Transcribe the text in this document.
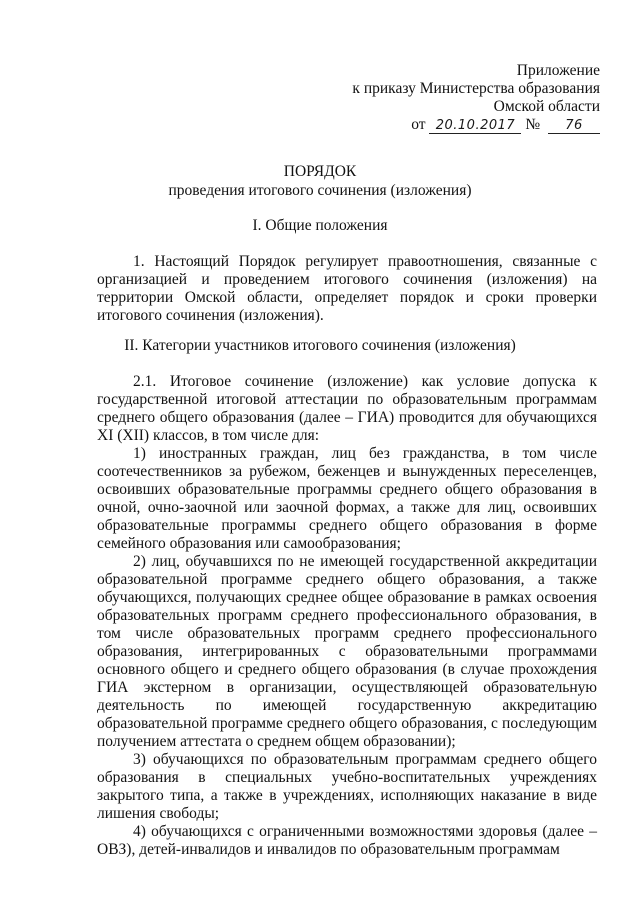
Приложение
к приказу Министерства образования
Омской области
от 20.10.2017 № 76
ПОРЯДОК
проведения итогового сочинения (изложения)
I. Общие положения

1. Настоящий Порядок регулирует правоотношения, связанные с организацией и проведением итогового сочинения (изложения) на территории Омской области, определяет порядок и сроки проверки итогового сочинения (изложения).

II. Категории участников итогового сочинения (изложения)

2.1. Итоговое сочинение (изложение) как условие допуска к государственной итоговой аттестации по образовательным программам среднего общего образования (далее – ГИА) проводится для обучающихся XI (XII) классов, в том числе для:

1) иностранных граждан, лиц без гражданства, в том числе соотечественников за рубежом, беженцев и вынужденных переселенцев, освоивших образовательные программы среднего общего образования в очной, очно-заочной или заочной формах, а также для лиц, освоивших образовательные программы среднего общего образования в форме семейного образования или самообразования;

2) лиц, обучавшихся по не имеющей государственной аккредитации образовательной программе среднего общего образования, а также обучающихся, получающих среднее общее образование в рамках освоения образовательных программ среднего профессионального образования, в том числе образовательных программ среднего профессионального образования, интегрированных с образовательными программами основного общего и среднего общего образования (в случае прохождения ГИА экстерном в организации, осуществляющей образовательную деятельность по имеющей государственную аккредитацию образовательной программе среднего общего образования, с последующим получением аттестата о среднем общем образовании);

3) обучающихся по образовательным программам среднего общего образования в специальных учебно-воспитательных учреждениях закрытого типа, а также в учреждениях, исполняющих наказание в виде лишения свободы;

4) обучающихся с ограниченными возможностями здоровья (далее – ОВЗ), детей-инвалидов и инвалидов по образовательным программам
